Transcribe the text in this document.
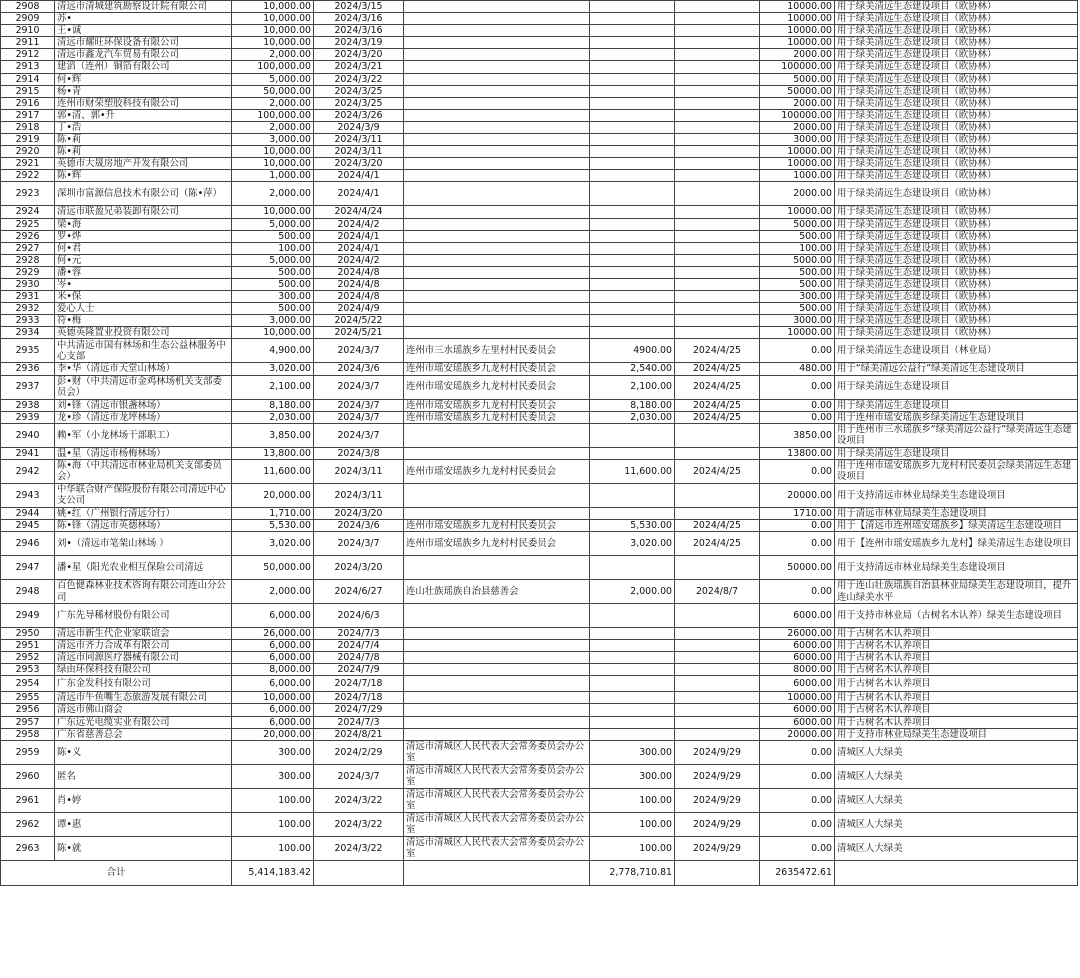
2908	清远市清城建筑勘察设计院有限公司	10,000.00	2024/3/15				10000.00	用于绿美清远生态建设项目（欧协林）
2909	苏•	10,000.00	2024/3/16				10000.00	用于绿美清远生态建设项目（欧协林）
2910	王•诚	10,000.00	2024/3/16				10000.00	用于绿美清远生态建设项目（欧协林）
2911	清远市耀旺环保设备有限公司	10,000.00	2024/3/19				10000.00	用于绿美清远生态建设项目（欧协林）
2912	清远市鑫龙汽车贸易有限公司	2,000.00	2024/3/20				2000.00	用于绿美清远生态建设项目（欧协林）
2913	建滔（连州）铜箔有限公司	100,000.00	2024/3/21				100000.00	用于绿美清远生态建设项目（欧协林）
2914	何•辉	5,000.00	2024/3/22				5000.00	用于绿美清远生态建设项目（欧协林）
2915	杨•青	50,000.00	2024/3/25				50000.00	用于绿美清远生态建设项目（欧协林）
2916	连州市财荣塑胶科技有限公司	2,000.00	2024/3/25				2000.00	用于绿美清远生态建设项目（欧协林）
2917	郭•清、郭•升	100,000.00	2024/3/26				100000.00	用于绿美清远生态建设项目（欧协林）
2918	丁•浩	2,000.00	2024/3/9				2000.00	用于绿美清远生态建设项目（欧协林）
2919	陈•莉	3,000.00	2024/3/11				3000.00	用于绿美清远生态建设项目（欧协林）
2920	陈•莉	10,000.00	2024/3/11				10000.00	用于绿美清远生态建设项目（欧协林）
2921	英德市大晟房地产开发有限公司	10,000.00	2024/3/20				10000.00	用于绿美清远生态建设项目（欧协林）
2922	陈•辉	1,000.00	2024/4/1				1000.00	用于绿美清远生态建设项目（欧协林）
2923	深圳市富源信息技术有限公司（陈•萍）	2,000.00	2024/4/1				2000.00	用于绿美清远生态建设项目（欧协林）
2924	清远市联盈兄弟装卸有限公司	10,000.00	2024/4/24				10000.00	用于绿美清远生态建设项目（欧协林）
2925	梁•海	5,000.00	2024/4/2				5000.00	用于绿美清远生态建设项目（欧协林）
2926	罗•烨	500.00	2024/4/1				500.00	用于绿美清远生态建设项目（欧协林）
2927	何•君	100.00	2024/4/1				100.00	用于绿美清远生态建设项目（欧协林）
2928	何•元	5,000.00	2024/4/2				5000.00	用于绿美清远生态建设项目（欧协林）
2929	潘•蓉	500.00	2024/4/8				500.00	用于绿美清远生态建设项目（欧协林）
2930	岑•	500.00	2024/4/8				500.00	用于绿美清远生态建设项目（欧协林）
2931	米•保	300.00	2024/4/8				300.00	用于绿美清远生态建设项目（欧协林）
2932	爱心人士	500.00	2024/4/9				500.00	用于绿美清远生态建设项目（欧协林）
2933	符•梅	3,000.00	2024/5/22				3000.00	用于绿美清远生态建设项目（欧协林）
2934	英德英隆置业投资有限公司	10,000.00	2024/5/21				10000.00	用于绿美清远生态建设项目（欧协林）
2935	中共清远市国有林场和生态公益林服务中心支部	4,900.00	2024/3/7	连州市三水瑶族乡左里村村民委员会	4900.00	2024/4/25	0.00	用于绿美清远生态建设项目（林业局）
2936	李•华（清远市天堂山林场）	3,020.00	2024/3/6	连州市瑶安瑶族乡九龙村村民委员会	2,540.00	2024/4/25	480.00	用于“绿美清远公益行”绿美清远生态建设项目
2937	彭•财（中共清远市金鸡林场机关支部委员会）	2,100.00	2024/3/7	连州市瑶安瑶族乡九龙村村民委员会	2,100.00	2024/4/25	0.00	用于绿美清远生态建设项目
2938	刘•锋（清远市银盏林场）	8,180.00	2024/3/7	连州市瑶安瑶族乡九龙村村民委员会	8,180.00	2024/4/25	0.00	用于绿美清远生态建设项目
2939	龙•珍（清远市龙坪林场）	2,030.00	2024/3/7	连州市瑶安瑶族乡九龙村村民委员会	2,030.00	2024/4/25	0.00	用于连州市瑶安瑶族乡绿美清远生态建设项目
2940	赖•军（小龙林场干部职工）	3,850.00	2024/3/7				3850.00	用于连州市三水瑶族乡“绿美清远公益行”绿美清远生态建设项目
2941	温•星（清远市杨梅林场）	13,800.00	2024/3/8				13800.00	用于绿美清远生态建设项目
2942	陈•海（中共清远市林业局机关支部委员会）	11,600.00	2024/3/11	连州市瑶安瑶族乡九龙村村民委员会	11,600.00	2024/4/25	0.00	用于连州市瑶安瑶族乡九龙村村民委员会绿美清远生态建设项目
2943	中华联合财产保险股份有限公司清远中心支公司	20,000.00	2024/3/11				20000.00	用于支持清远市林业局绿美生态建设项目
2944	姚•红（广州银行清远分行）	1,710.00	2024/3/20				1710.00	用于清远市林业局绿美生态建设项目
2945	陈•锋（清远市英德林场）	5,530.00	2024/3/6	连州市瑶安瑶族乡九龙村村民委员会	5,530.00	2024/4/25	0.00	用于【清远市连州瑶安瑶族乡】绿美清远生态建设项目
2946	刘•（清远市笔架山林场 ）	3,020.00	2024/3/7	连州市瑶安瑶族乡九龙村村民委员会	3,020.00	2024/4/25	0.00	用于【连州市瑶安瑶族乡九龙村】绿美清远生态建设项目
2947	潘•星（阳光农业相互保险公司清远	50,000.00	2024/3/20				50000.00	用于支持清远市林业局绿美生态建设项目
2948	百色健森林业技术咨询有限公司连山分公司	2,000.00	2024/6/27	连山壮族瑶族自治县慈善会	2,000.00	2024/8/7	0.00	用于连山壮族瑶族自治县林业局绿美生态建设项目，提升连山绿美水平
2949	广东先导稀材股份有限公司	6,000.00	2024/6/3				6000.00	用于支持市林业局（古树名木认养）绿美生态建设项目
2950	清远市新生代企业家联谊会	26,000.00	2024/7/3				26000.00	用于古树名木认养项目
2951	清远市齐力合成革有限公司	6,000.00	2024/7/4				6000.00	用于古树名木认养项目
2952	清远市同源医疗器械有限公司	6,000.00	2024/7/8				6000.00	用于古树名木认养项目
2953	绿由环保科技有限公司	8,000.00	2024/7/9				8000.00	用于古树名木认养项目
2954	广东金发科技有限公司	6,000.00	2024/7/18				6000.00	用于古树名木认养项目
2955	清远市牛鱼嘴生态旅游发展有限公司	10,000.00	2024/7/18				10000.00	用于古树名木认养项目
2956	清远市佛山商会	6,000.00	2024/7/29				6000.00	用于古树名木认养项目
2957	广东远光电缆实业有限公司	6,000.00	2024/7/3				6000.00	用于古树名木认养项目
2958	广东省慈善总会	20,000.00	2024/8/21				20000.00	用于支持市林业局绿美生态建设项目
2959	陈•义	300.00	2024/2/29	清远市清城区人民代表大会常务委员会办公室	300.00	2024/9/29	0.00	清城区人大绿美
2960	匿名	300.00	2024/3/7	清远市清城区人民代表大会常务委员会办公室	300.00	2024/9/29	0.00	清城区人大绿美
2961	肖•婷	100.00	2024/3/22	清远市清城区人民代表大会常务委员会办公室	100.00	2024/9/29	0.00	清城区人大绿美
2962	谭•惠	100.00	2024/3/22	清远市清城区人民代表大会常务委员会办公室	100.00	2024/9/29	0.00	清城区人大绿美
2963	陈•就	100.00	2024/3/22	清远市清城区人民代表大会常务委员会办公室	100.00	2024/9/29	0.00	清城区人大绿美
合计		5,414,183.42			2,778,710.81		2635472.61	
